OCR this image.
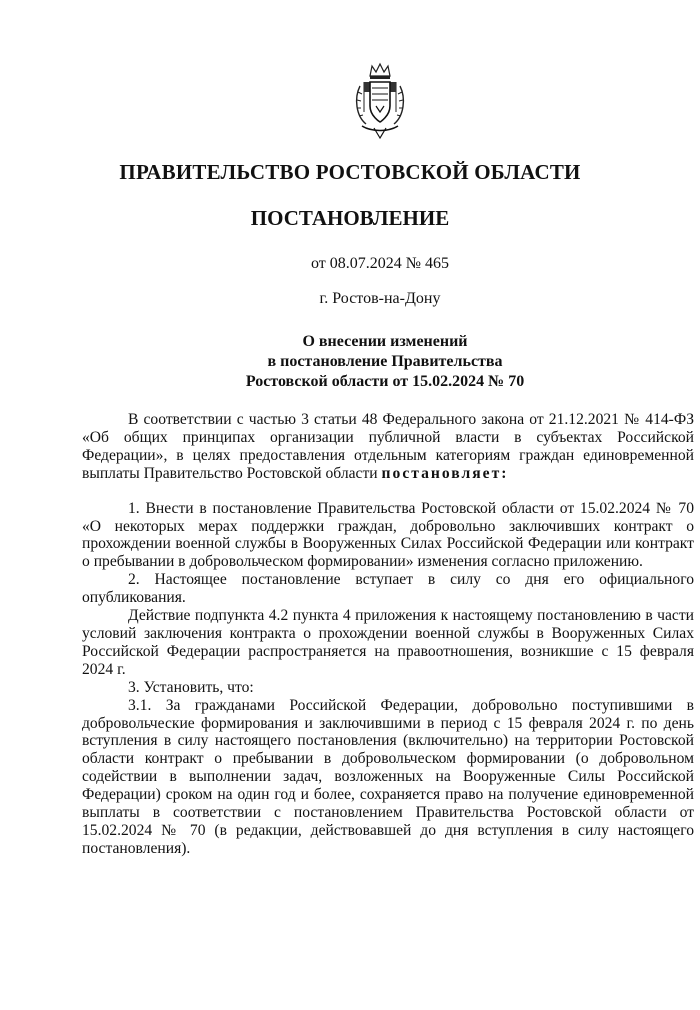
ПРАВИТЕЛЬСТВО РОСТОВСКОЙ ОБЛАСТИ
ПОСТАНОВЛЕНИЕ
от 08.07.2024 № 465
г. Ростов-на-Дону
О внесении изменений
в постановление Правительства
Ростовской области от 15.02.2024 № 70

В соответствии с частью 3 статьи 48 Федерального закона от 21.12.2021 № 414-ФЗ «Об общих принципах организации публичной власти в субъектах Российской Федерации», в целях предоставления отдельным категориям граждан единовременной выплаты Правительство Ростовской области постановляет:

1. Внести в постановление Правительства Ростовской области от 15.02.2024 № 70 «О некоторых мерах поддержки граждан, добровольно заключивших контракт о прохождении военной службы в Вооруженных Силах Российской Федерации или контракт о пребывании в добровольческом формировании» изменения согласно приложению.

2. Настоящее постановление вступает в силу со дня его официального опубликования.

Действие подпункта 4.2 пункта 4 приложения к настоящему постановлению в части условий заключения контракта о прохождении военной службы в Вооруженных Силах Российской Федерации распространяется на правоотношения, возникшие с 15 февраля 2024 г.

3. Установить, что:

3.1. За гражданами Российской Федерации, добровольно поступившими в добровольческие формирования и заключившими в период с 15 февраля 2024 г. по день вступления в силу настоящего постановления (включительно) на территории Ростовской области контракт о пребывании в добровольческом формировании (о добровольном содействии в выполнении задач, возложенных на Вооруженные Силы Российской Федерации) сроком на один год и более, сохраняется право на получение единовременной выплаты в соответствии с постановлением Правительства Ростовской области от 15.02.2024 № 70 (в редакции, действовавшей до дня вступления в силу настоящего постановления).
